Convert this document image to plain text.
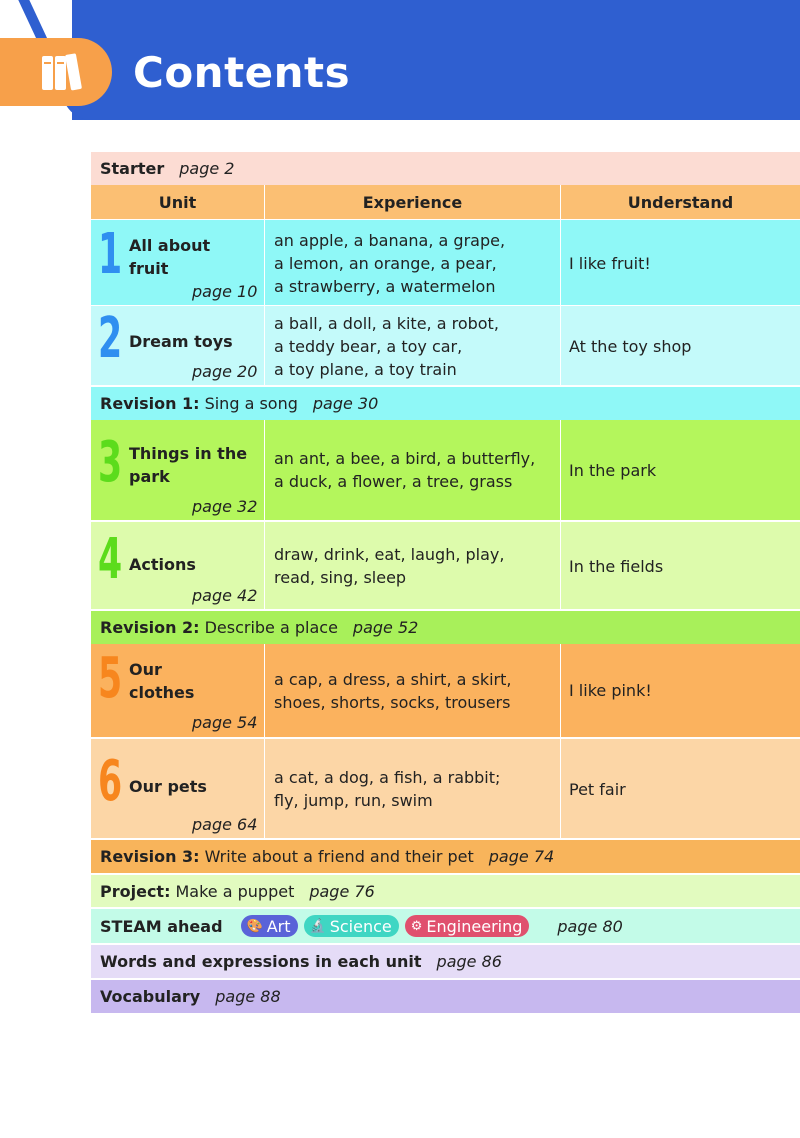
Contents
Starter page 2
Unit	Experience	Understand
1 All about
fruit
page 10
an apple, a banana, a grape,
a lemon, an orange, a pear,
a strawberry, a watermelon
I like fruit!
2 Dream toys
page 20
a ball, a doll, a kite, a robot,
a teddy bear, a toy car,
a toy plane, a toy train
At the toy shop
Revision 1: Sing a song page 30
3 Things in the
park
page 32
an ant, a bee, a bird, a butterfly,
a duck, a flower, a tree, grass
In the park
4 Actions
page 42
draw, drink, eat, laugh, play,
read, sing, sleep
In the fields
Revision 2: Describe a place page 52
5 Our
clothes
page 54
a cap, a dress, a shirt, a skirt,
shoes, shorts, socks, trousers
I like pink!
6 Our pets
page 64
a cat, a dog, a fish, a rabbit;
fly, jump, run, swim
Pet fair
Revision 3: Write about a friend and their pet page 74
Project: Make a puppet page 76
STEAM ahead 🎨 Art 🔬 Science ⚙ Engineering page 80
Words and expressions in each unit page 86
Vocabulary page 88
